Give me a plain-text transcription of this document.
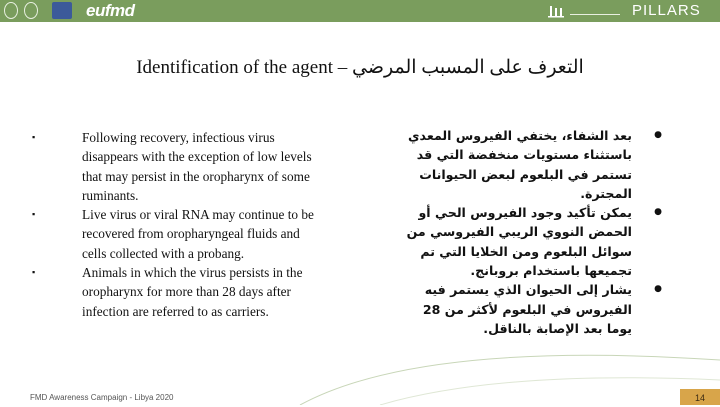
eufmd	PILLARS
Identification of the agent – التعرف على المسبب المرضي
▪ Following recovery, infectious virus disappears with the exception of low levels that may persist in the oropharynx of some ruminants.
▪ Live virus or viral RNA may continue to be recovered from oropharyngeal fluids and cells collected with a probang.
▪ Animals in which the virus persists in the oropharynx for more than 28 days after infection are referred to as carriers.
● بعد الشفاء، يختفي الفيروس المعدي باستثناء مستويات منخفضة التي قد تستمر في البلعوم لبعض الحيوانات المجترة.
● يمكن تأكيد وجود الفيروس الحي أو الحمض النووي الريبي الفيروسي من سوائل البلعوم ومن الخلايا التي تم تجميعها باستخدام بروبانج.
● يشار إلى الحيوان الذي يستمر فيه الفيروس في البلعوم لأكثر من 28 يوما بعد الإصابة بالناقل.
FMD Awareness Campaign - Libya 2020	14
